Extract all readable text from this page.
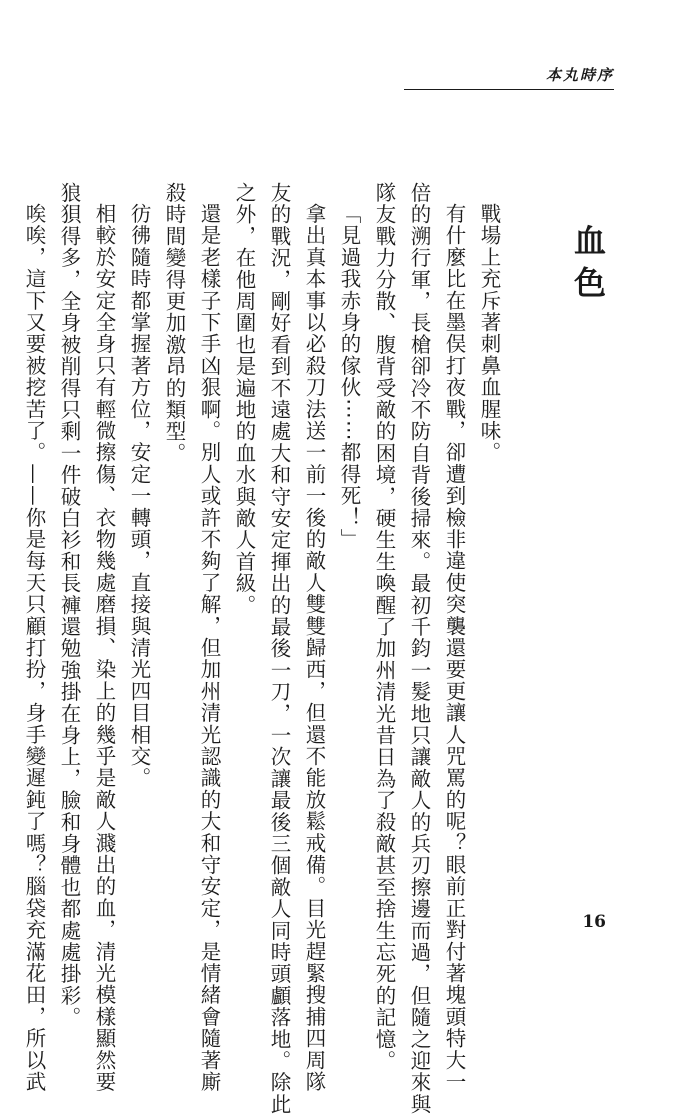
本丸時序
血色

戰場上充斥著刺鼻血腥味。

有什麼比在墨俣打夜戰，卻遭到檢非違使突襲還要更讓人咒罵的呢？眼前正對付著塊頭特大一
倍的溯行軍，長槍卻冷不防自背後掃來。最初千鈞一髮地只讓敵人的兵刃擦邊而過，但隨之迎來與
隊友戰力分散、腹背受敵的困境，硬生生喚醒了加州清光昔日為了殺敵甚至捨生忘死的記憶。

「見過我赤身的傢伙⋯⋯都得死！」

拿出真本事以必殺刀法送一前一後的敵人雙雙歸西，但還不能放鬆戒備。目光趕緊搜捕四周隊
友的戰況，剛好看到不遠處大和守安定揮出的最後一刀，一次讓最後三個敵人同時頭顱落地。除此
之外，在他周圍也是遍地的血水與敵人首級。

還是老樣子下手凶狠啊。別人或許不夠了解，但加州清光認識的大和守安定，是情緒會隨著廝
殺時間變得更加激昂的類型。

彷彿隨時都掌握著方位，安定一轉頭，直接與清光四目相交。

相較於安定全身只有輕微擦傷、衣物幾處磨損、染上的幾乎是敵人濺出的血，清光模樣顯然要
狼狽得多，全身被削得只剩一件破白衫和長褲還勉強掛在身上，臉和身體也都處處掛彩。

唉唉，這下又要被挖苦了。——你是每天只顧打扮，身手變遲鈍了嗎？腦袋充滿花田，所以武	16
